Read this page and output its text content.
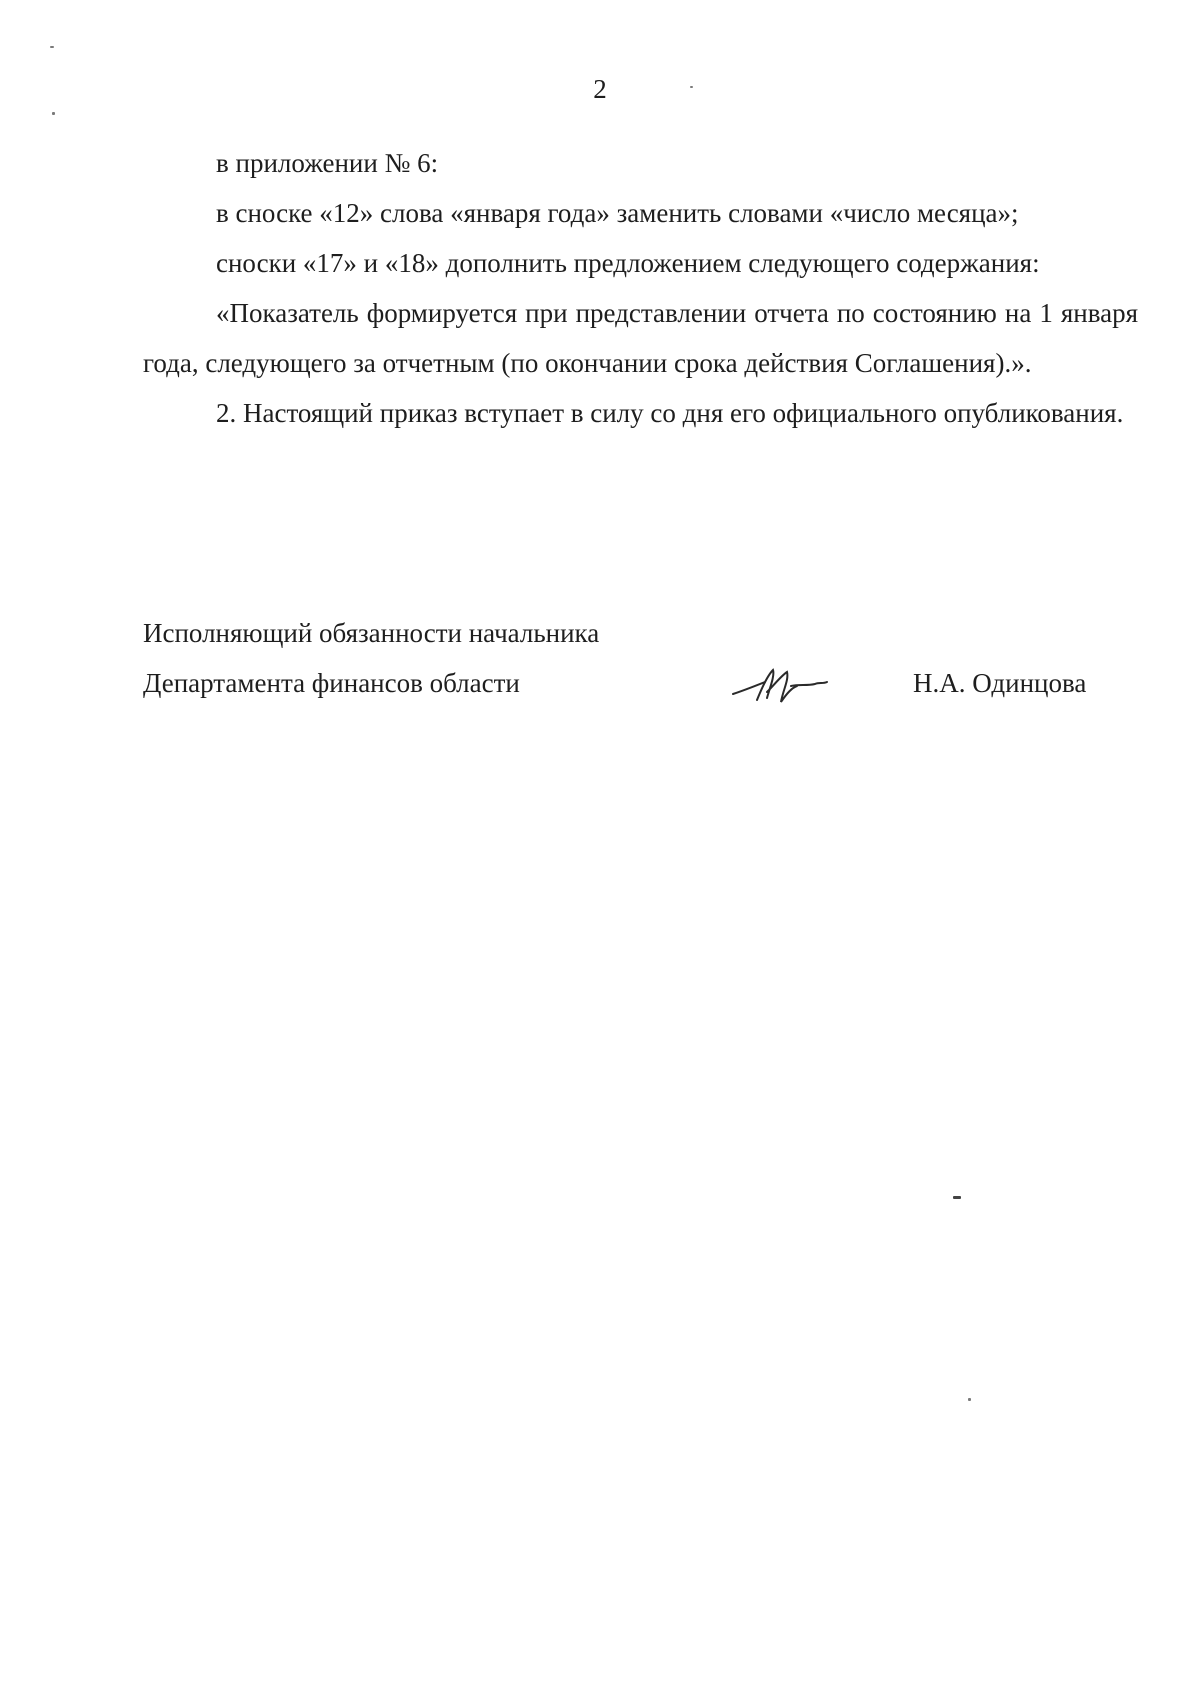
2

в приложении № 6:

в сноске «12» слова «января года» заменить словами «число месяца»;

сноски «17» и «18» дополнить предложением следующего содержания:

«Показатель формируется при представлении отчета по состоянию на 1 января года, следующего за отчетным (по окончании срока действия Соглашения).».

2. Настоящий приказ вступает в силу со дня его официального опубликования.

Исполняющий обязанности начальника
Департамента финансов области	Н.А. Одинцова
